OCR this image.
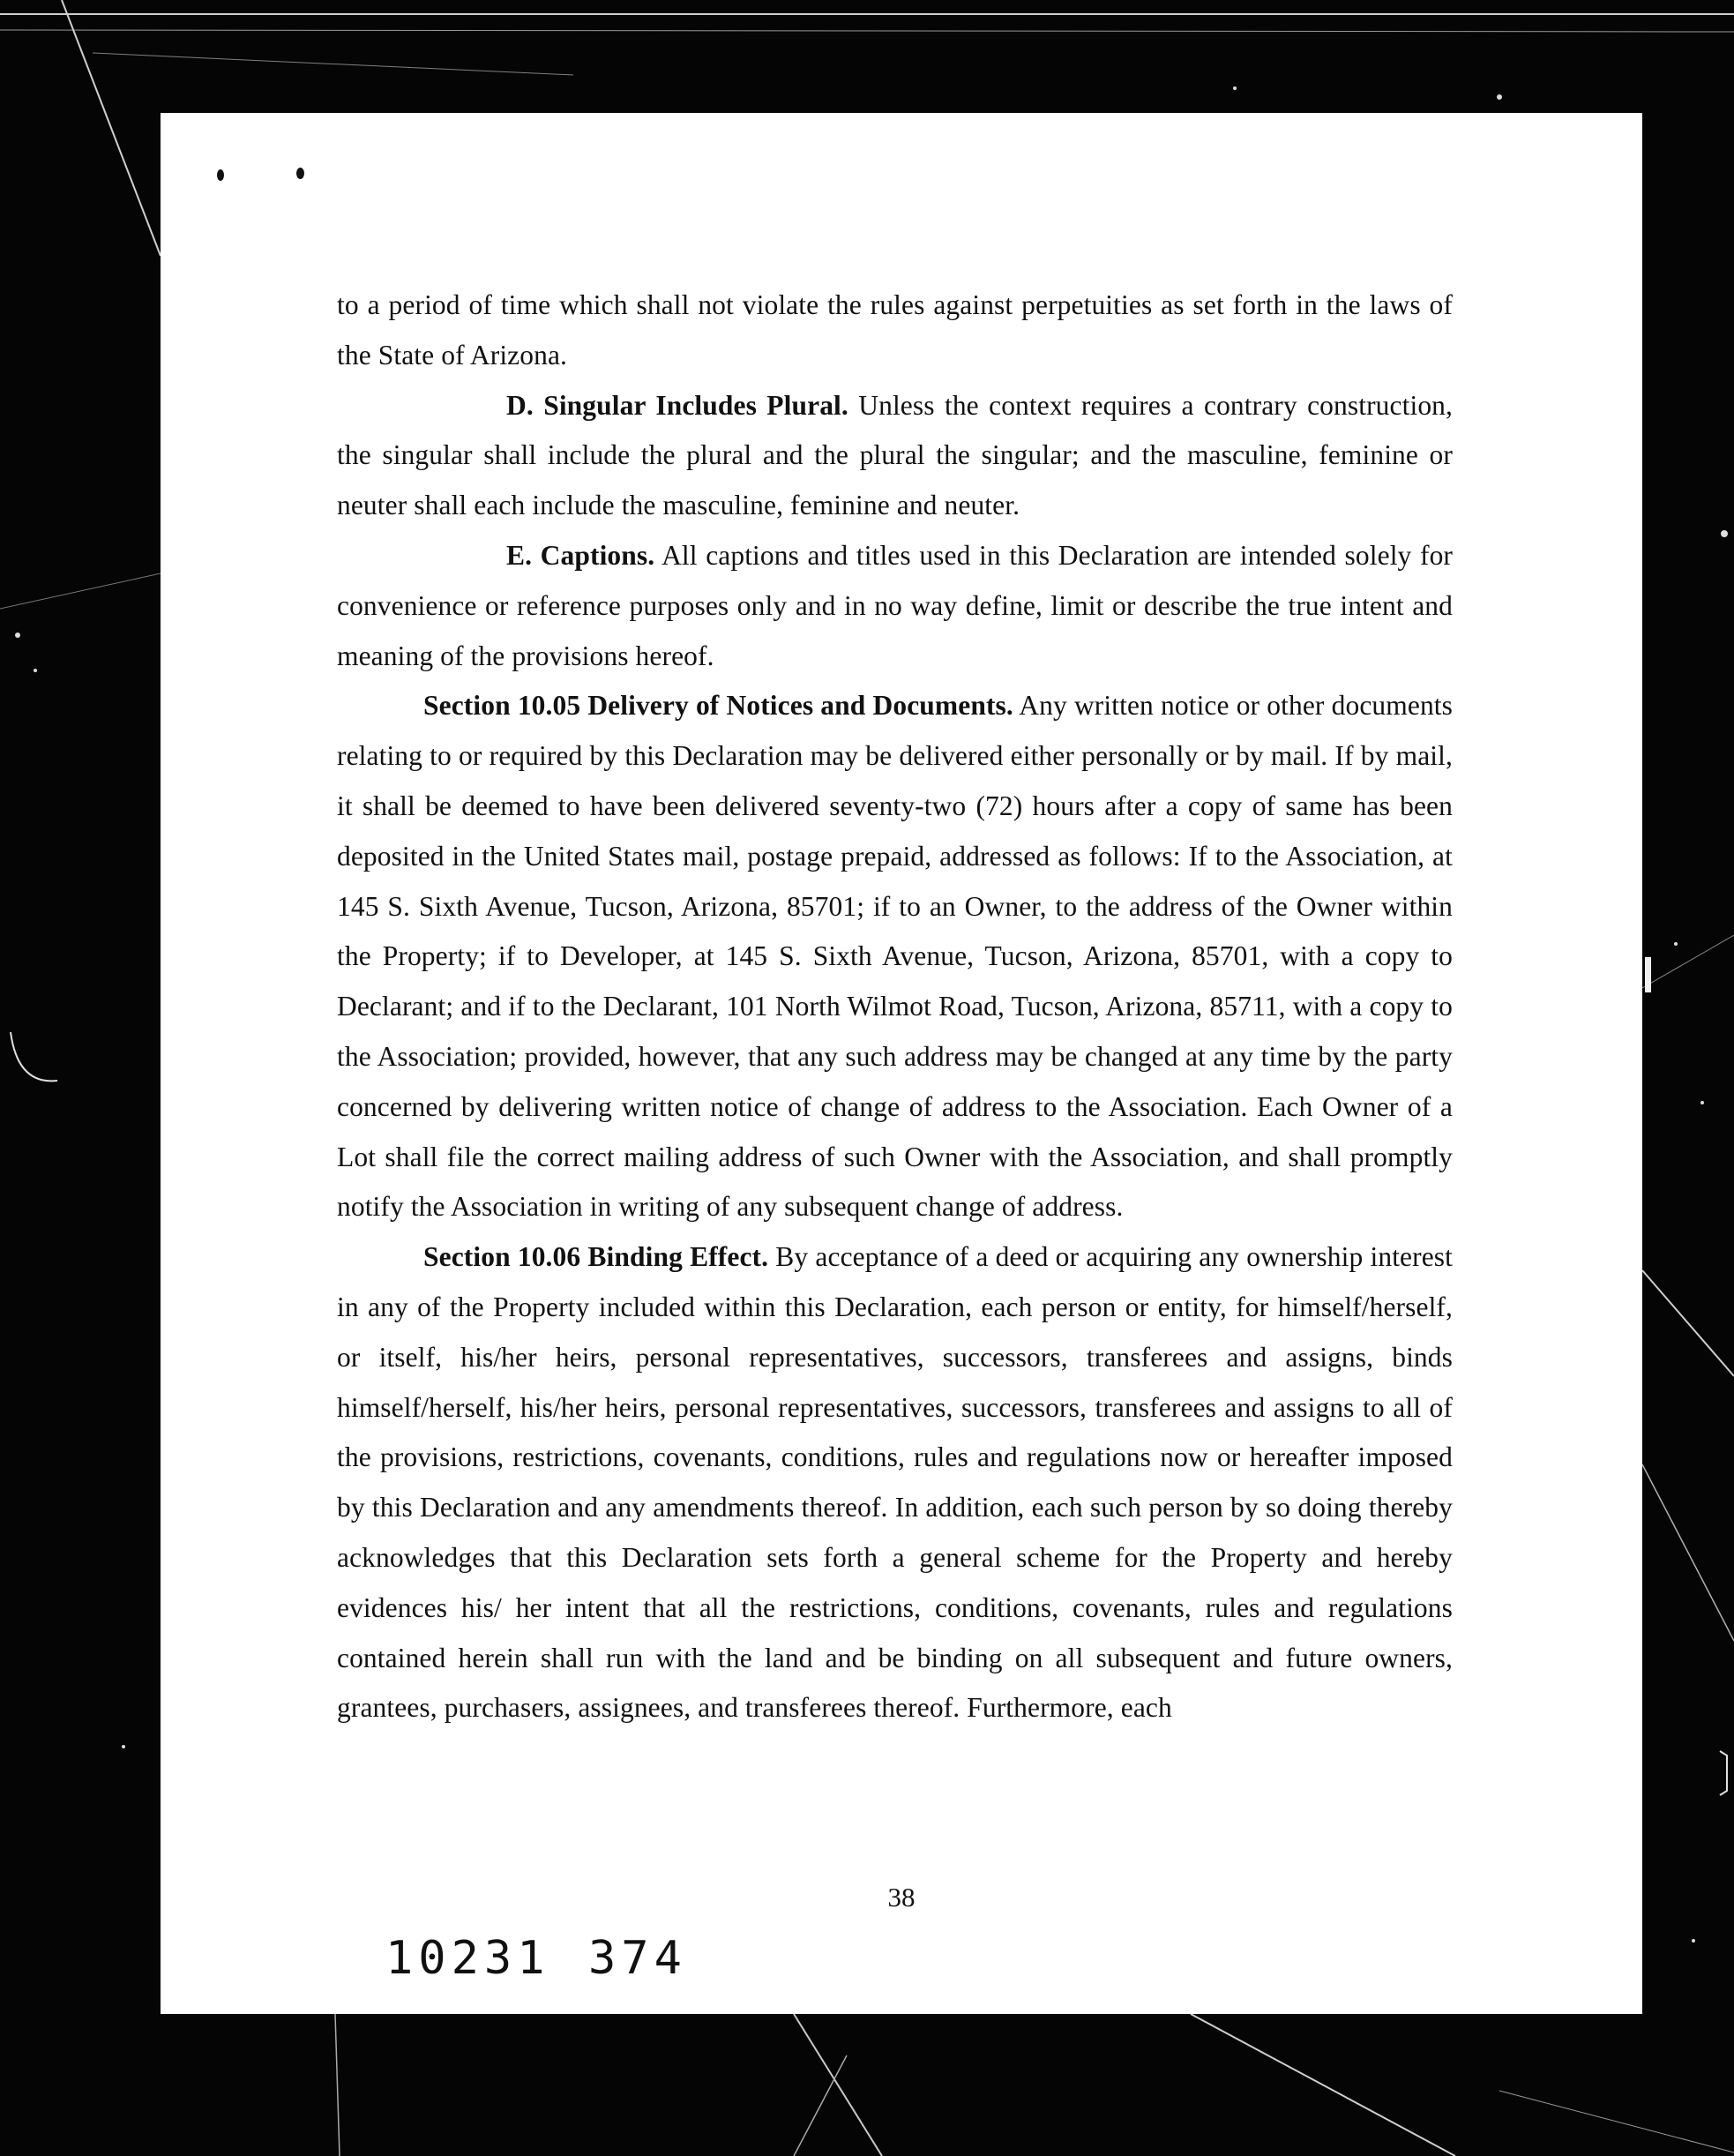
to a period of time which shall not violate the rules against perpetuities as set forth in the laws of the State of Arizona.

D. Singular Includes Plural. Unless the context requires a contrary construction, the singular shall include the plural and the plural the singular; and the masculine, feminine or neuter shall each include the masculine, feminine and neuter.

E. Captions. All captions and titles used in this Declaration are intended solely for convenience or reference purposes only and in no way define, limit or describe the true intent and meaning of the provisions hereof.

Section 10.05 Delivery of Notices and Documents. Any written notice or other documents relating to or required by this Declaration may be delivered either personally or by mail. If by mail, it shall be deemed to have been delivered seventy-two (72) hours after a copy of same has been deposited in the United States mail, postage prepaid, addressed as follows: If to the Association, at 145 S. Sixth Avenue, Tucson, Arizona, 85701; if to an Owner, to the address of the Owner within the Property; if to Developer, at 145 S. Sixth Avenue, Tucson, Arizona, 85701, with a copy to Declarant; and if to the Declarant, 101 North Wilmot Road, Tucson, Arizona, 85711, with a copy to the Association; provided, however, that any such address may be changed at any time by the party concerned by delivering written notice of change of address to the Association. Each Owner of a Lot shall file the correct mailing address of such Owner with the Association, and shall promptly notify the Association in writing of any subsequent change of address.

Section 10.06 Binding Effect. By acceptance of a deed or acquiring any ownership interest in any of the Property included within this Declaration, each person or entity, for himself/herself, or itself, his/her heirs, personal representatives, successors, transferees and assigns, binds himself/herself, his/her heirs, personal representatives, successors, transferees and assigns to all of the provisions, restrictions, covenants, conditions, rules and regulations now or hereafter imposed by this Declaration and any amendments thereof. In addition, each such person by so doing thereby acknowledges that this Declaration sets forth a general scheme for the Property and hereby evidences his/ her intent that all the restrictions, conditions, covenants, rules and regulations contained herein shall run with the land and be binding on all subsequent and future owners, grantees, purchasers, assignees, and transferees thereof. Furthermore, each

38
10231 374
